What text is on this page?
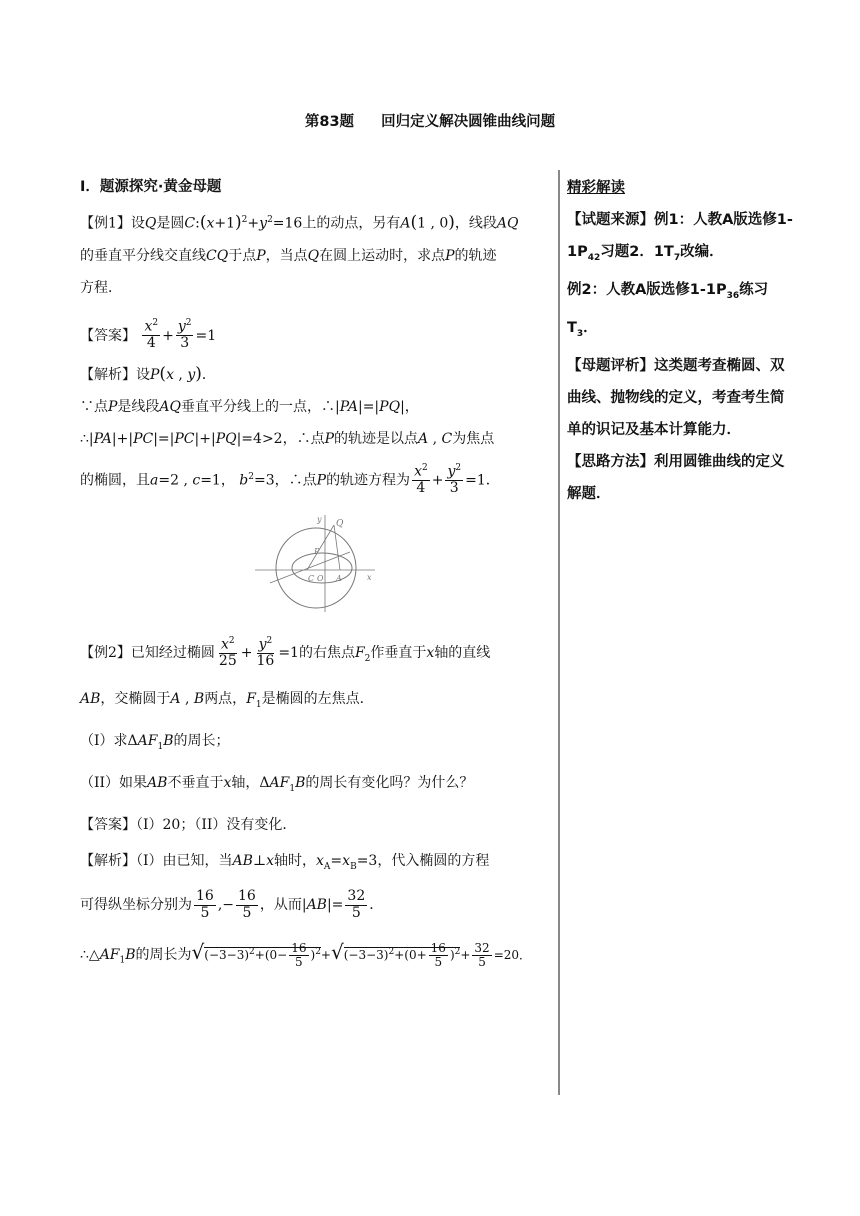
第83题 回归定义解决圆锥曲线问题

I．题源探究·黄金母题

【例1】设Q是圆$C:(x+1)^2+y^2=16$上的动点，另有A(1 , 0)，线段AQ

的垂直平分线交直线CQ于点P，当点Q在圆上运动时，求点P的轨迹

方程．

【答案】 $\frac{x^2}{4} + \frac{y^2}{3} =1$

【解析】设P(x , y)．

∵点P是线段AQ垂直平分线上的一点，∴|PA|=|PQ|，

∴|PA|+|PC|=|PC|+|PQ|=4>2，∴点P的轨迹是以点A , C为焦点

的椭圆，且a=2 , c=1， $b^2=3$，∴点P的轨迹方程为 $\frac{x^2}{4} + \frac{y^2}{3} =1$．

y Q
P
C O A	x

【例2】已知经过椭圆 $\frac{x^2}{25} + \frac{y^2}{16} =1$的右焦点$F_2$作垂直于x轴的直线

AB，交椭圆于A , B两点，$F_1$是椭圆的左焦点．

（I）求$\Delta AF_1B$的周长；

（II）如果AB不垂直于x轴，$\Delta AF_1B$的周长有变化吗？为什么？

【答案】（I）20；（II）没有变化．

【解析】（I）由已知，当AB⊥x轴时，$x_A=x_B=3$，代入椭圆的方程

可得纵坐标分别为 $\frac{16}{5}$ ,− $\frac{16}{5}$ ，从而$|AB|= \frac{32}{5}$ ．

$\therefore\triangle AF_1B$的周长为$√(-3-3)^2+(0- \frac{16}{5} )^2+√(-3-3)^2+(0+ \frac{16}{5} )^2+ \frac{32}{5} =20$．

精彩解读

【试题来源】例1：人教A版选修$1-1P_{42}$习题2．$1T_7$改编．

例2：人教A版选修$1-1P_{36}$练习$T_3$．

【母题评析】这类题考查椭圆、双曲线、抛物线的定义，考查考生简单的识记及基本计算能力．

【思路方法】利用圆锥曲线的定义解题．
